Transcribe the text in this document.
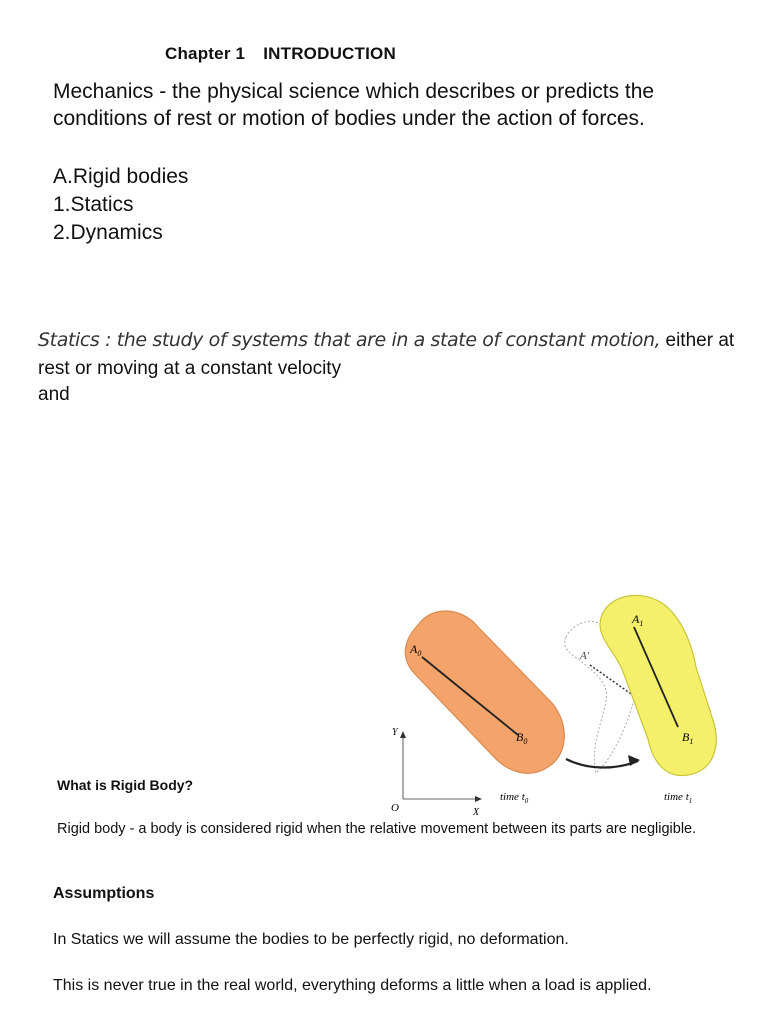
Chapter 1 INTRODUCTION
Mechanics - the physical science which describes or predicts the conditions of rest or motion of bodies under the action of forces.
A.Rigid bodies
1.Statics
2.Dynamics
Statics : the study of systems that are in a state of constant motion, either at rest or moving at a constant velocity
and
$A_0$
$B_0$
A'
$A_1$
$B_1$
Y
X
O
time $t_0$	time $t_1$
What is Rigid Body?
Rigid body - a body is considered rigid when the relative movement between its parts are negligible.
Assumptions
In Statics we will assume the bodies to be perfectly rigid, no deformation.
This is never true in the real world, everything deforms a little when a load is applied.
